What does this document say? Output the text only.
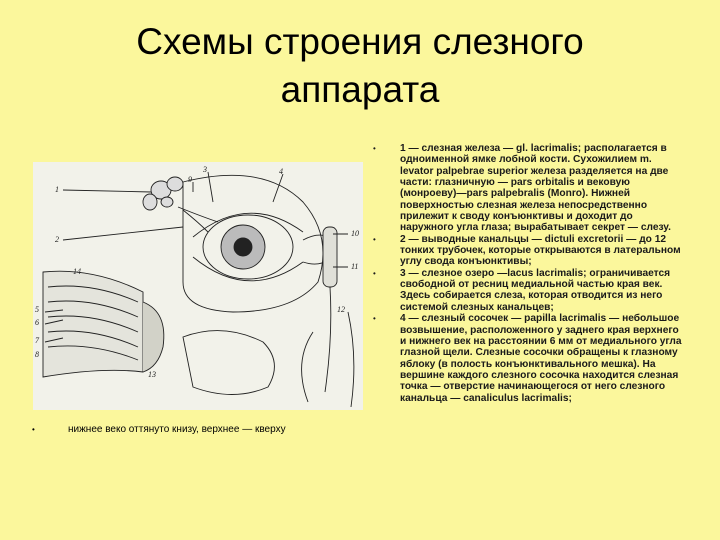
Схемы строения слезного
аппарата
1
2
3	4
5
6
7
8
9
10
11
12
13
14
•	нижнее веко оттянуто книзу, верхнее — кверху
•	1 — слезная железа — gl. lacrimalis; располагается в одноименной ямке лобной кости. Сухожилием m. levator palpebrae superior железа разделяется на две части: глазничную — pars orbitalis и вековую (монроеву)—pars palpebralis (Monro). Нижней поверхностью слезная железа непосредственно прилежит к своду конъюнктивы и доходит до наружного угла глаза; вырабатывает секрет — слезу.
•	2 — выводные канальцы — dictuli excretorii — до 12 тонких трубочек, которые открываются в латеральном углу свода конъюнктивы;
•	3 — слезное озеро —lacus lacrimalis; ограничивается свободной от ресниц медиальной частью края век. Здесь собирается слеза, которая отводится из него системой слезных канальцев;
•	4 — слезный сосочек — papilla lacrimalis — небольшое возвышение, расположенного у заднего края верхнего и нижнего век на расстоянии 6 мм от медиального угла глазной щели. Слезные сосочки обращены к глазному яблоку (в полость конъюнктивального мешка). На вершине каждого слезного сосочка находится слезная точка — отверстие начинающегося от него слезного канальца — canaliculus lacrimalis;
